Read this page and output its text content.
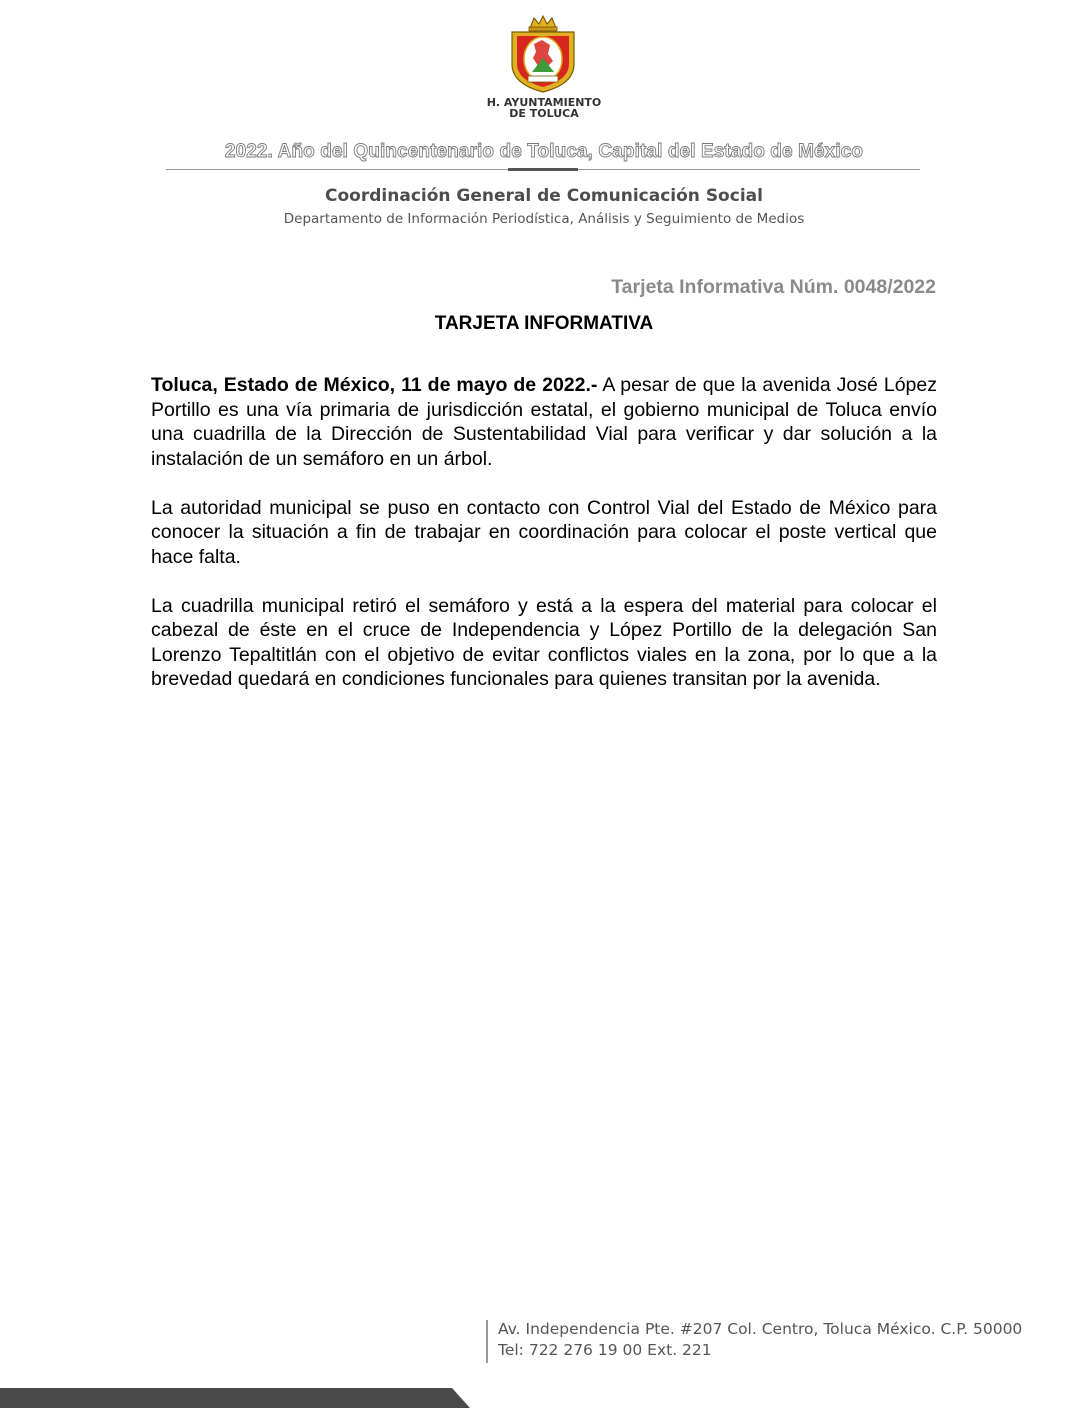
H. AYUNTAMIENTO
DE TOLUCA
2022. Año del Quincentenario de Toluca, Capital del Estado de México
Coordinación General de Comunicación Social
Departamento de Información Periodística, Análisis y Seguimiento de Medios
Tarjeta Informativa Núm. 0048/2022
TARJETA INFORMATIVA

Toluca, Estado de México, 11 de mayo de 2022.- A pesar de que la avenida José López Portillo es una vía primaria de jurisdicción estatal, el gobierno municipal de Toluca envío una cuadrilla de la Dirección de Sustentabilidad Vial para verificar y dar solución a la instalación de un semáforo en un árbol.

La autoridad municipal se puso en contacto con Control Vial del Estado de México para conocer la situación a fin de trabajar en coordinación para colocar el poste vertical que hace falta.

La cuadrilla municipal retiró el semáforo y está a la espera del material para colocar el cabezal de éste en el cruce de Independencia y López Portillo de la delegación San Lorenzo Tepaltitlán con el objetivo de evitar conflictos viales en la zona, por lo que a la brevedad quedará en condiciones funcionales para quienes transitan por la avenida.

Av. Independencia Pte. #207 Col. Centro, Toluca México. C.P. 50000
Tel: 722 276 19 00 Ext. 221
